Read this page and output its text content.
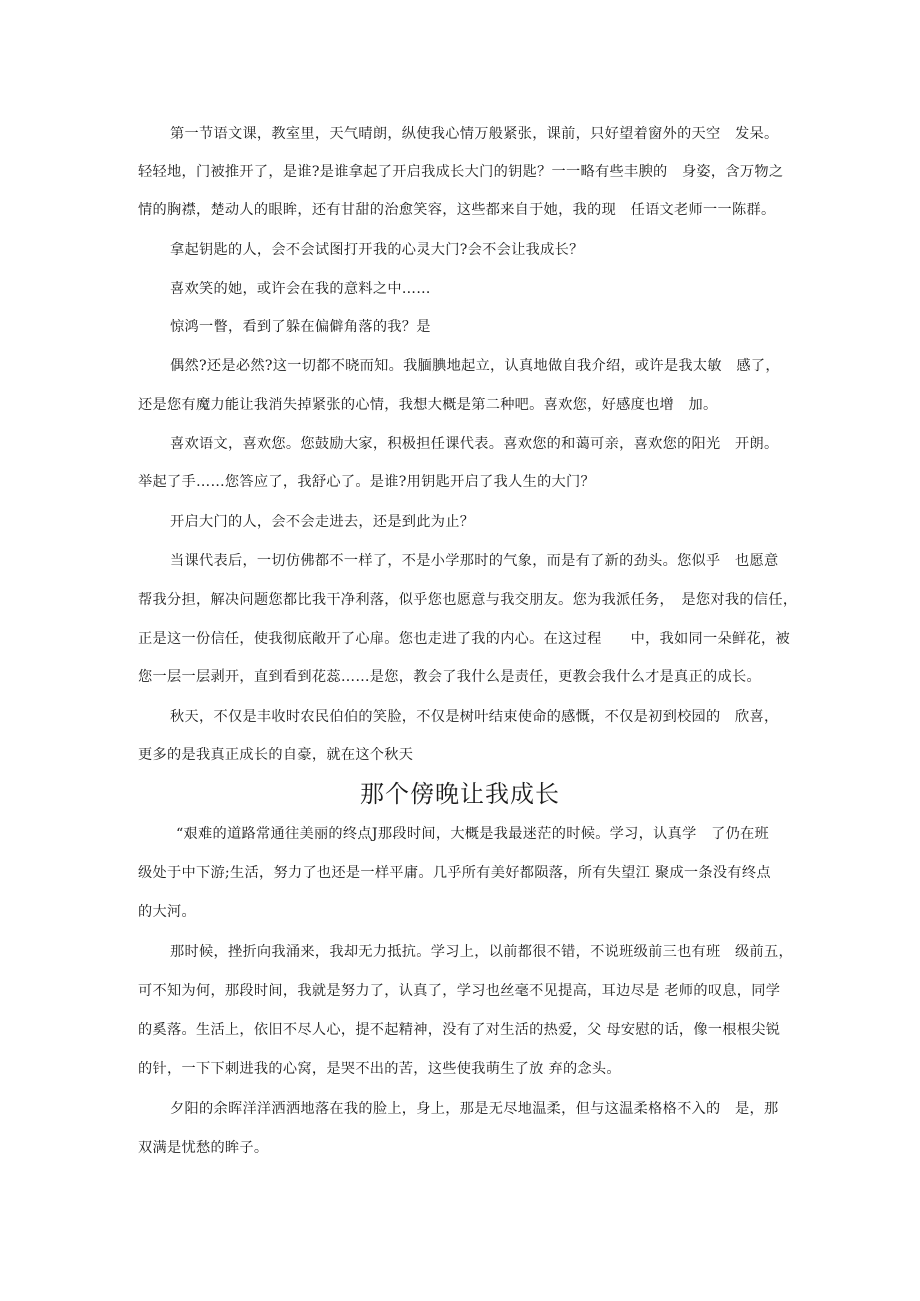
第一节语文课，教室里，天气晴朗，纵使我心情万般紧张，课前，只好望着窗外的天空　发呆。
轻轻地，门被推开了，是谁?是谁拿起了开启我成长大门的钥匙？一一略有些丰腴的　身姿，含万物之
情的胸襟，楚动人的眼眸，还有甘甜的治愈笑容，这些都来自于她，我的现　任语文老师一一陈群。
拿起钥匙的人，会不会试图打开我的心灵大门?会不会让我成长？
喜欢笑的她，或许会在我的意料之中……
惊鸿一瞥，看到了躲在偏僻角落的我？是
偶然?还是必然?这一切都不晓而知。我腼腆地起立，认真地做自我介绍，或许是我太敏　感了，
还是您有魔力能让我消失掉紧张的心情，我想大概是第二种吧。喜欢您，好感度也增　加。
喜欢语文，喜欢您。您鼓励大家，积极担任课代表。喜欢您的和蔼可亲，喜欢您的阳光　开朗。
举起了手……您答应了，我舒心了。是谁?用钥匙开启了我人生的大门？
开启大门的人，会不会走进去，还是到此为止？
当课代表后，一切仿佛都不一样了，不是小学那时的气象，而是有了新的劲头。您似乎　也愿意
帮我分担，解决问题您都比我干净利落，似乎您也愿意与我交朋友。您为我派任务，　是您对我的信任，
正是这一份信任，使我彻底敞开了心扉。您也走进了我的内心。在这过程　　中，我如同一朵鲜花，被
您一层一层剥开，直到看到花蕊……是您，教会了我什么是责任，更教会我什么才是真正的成长。
秋天，不仅是丰收时农民伯伯的笑脸，不仅是树叶结束使命的感慨，不仅是初到校园的　欣喜，
更多的是我真正成长的自豪，就在这个秋天
那个傍晚让我成长
“艰难的道路常通往美丽的终点J那段时间，大概是我最迷茫的时候。学习，认真学　了仍在班
级处于中下游;生活，努力了也还是一样平庸。几乎所有美好都陨落，所有失望江 聚成一条没有终点
的大河。
那时候，挫折向我涌来，我却无力抵抗。学习上，以前都很不错，不说班级前三也有班　级前五，
可不知为何，那段时间，我就是努力了，认真了，学习也丝毫不见提高，耳边尽是 老师的叹息，同学
的奚落。生活上，依旧不尽人心，提不起精神，没有了对生活的热爱，父 母安慰的话，像一根根尖锐
的针，一下下刺进我的心窝，是哭不出的苦，这些使我萌生了放 弃的念头。
夕阳的余晖洋洋洒洒地落在我的脸上，身上，那是无尽地温柔，但与这温柔格格不入的　是，那
双满是忧愁的眸子。
